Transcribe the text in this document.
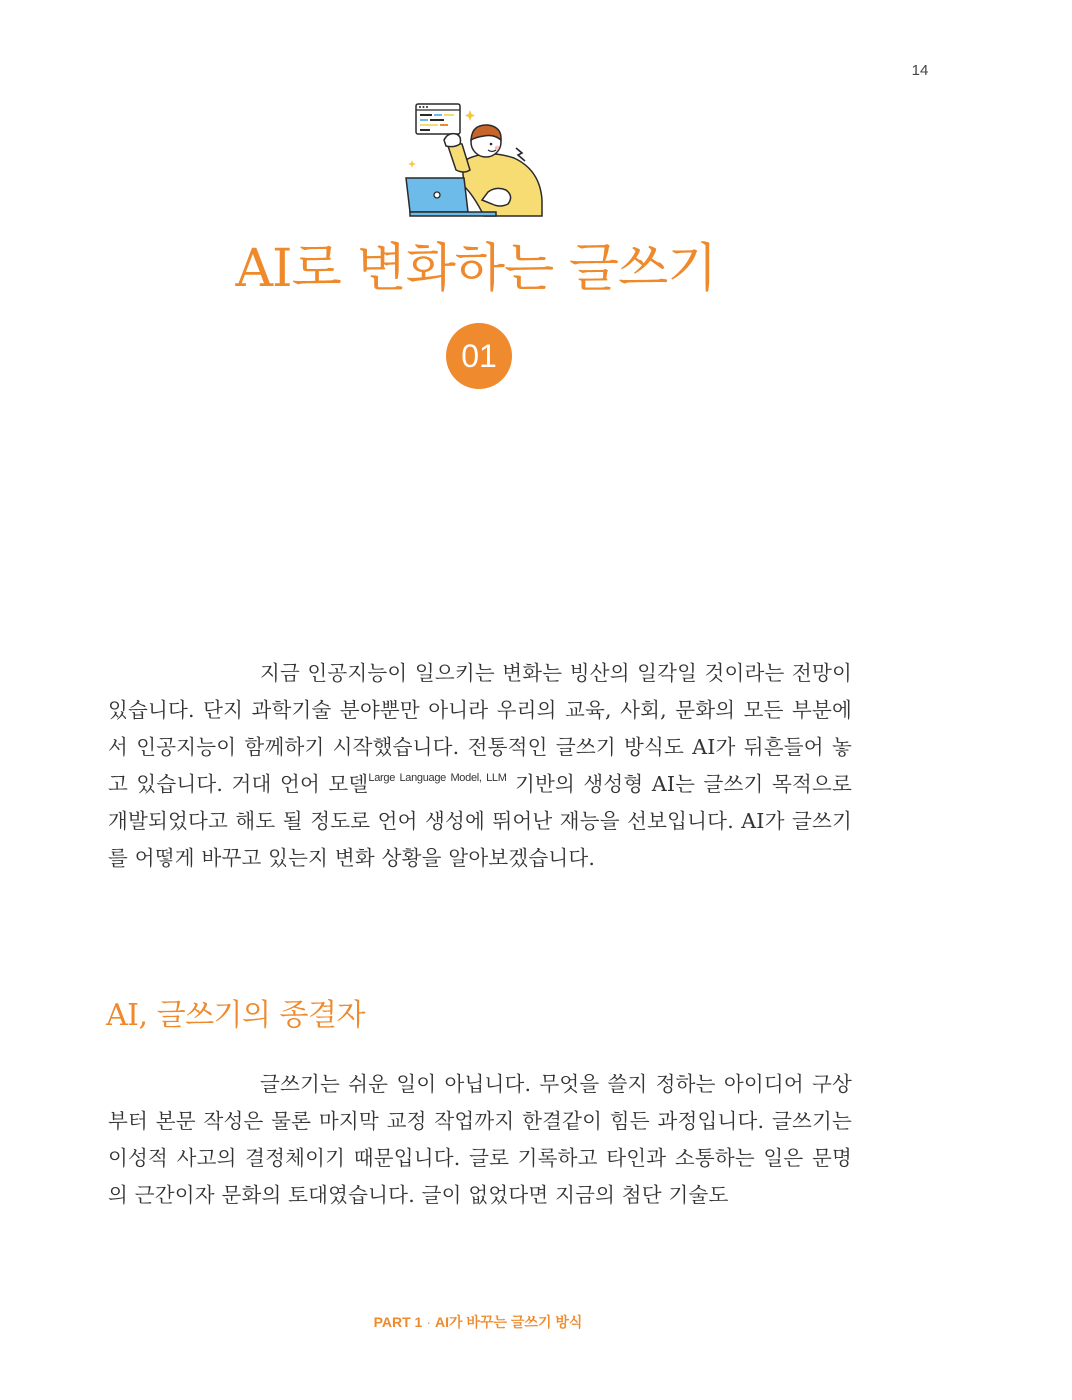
14
AI로 변화하는 글쓰기
01

지금 인공지능이 일으키는 변화는 빙산의 일각일 것이라는 전망이 있습니다. 단지 과학기술 분야뿐만 아니라 우리의 교육, 사회, 문화의 모든 부분에서 인공지능이 함께하기 시작했습니다. 전통적인 글쓰기 방식도 AI가 뒤흔들어 놓고 있습니다. 거대 언어 모델$^{Large Language Model, LLM}$ 기반의 생성형 AI는 글쓰기 목적으로 개발되었다고 해도 될 정도로 언어 생성에 뛰어난 재능을 선보입니다. AI가 글쓰기를 어떻게 바꾸고 있는지 변화 상황을 알아보겠습니다.

AI, 글쓰기의 종결자

글쓰기는 쉬운 일이 아닙니다. 무엇을 쓸지 정하는 아이디어 구상부터 본문 작성은 물론 마지막 교정 작업까지 한결같이 힘든 과정입니다. 글쓰기는 이성적 사고의 결정체이기 때문입니다. 글로 기록하고 타인과 소통하는 일은 문명의 근간이자 문화의 토대였습니다. 글이 없었다면 지금의 첨단 기술도

PART 1 · AI가 바꾸는 글쓰기 방식
